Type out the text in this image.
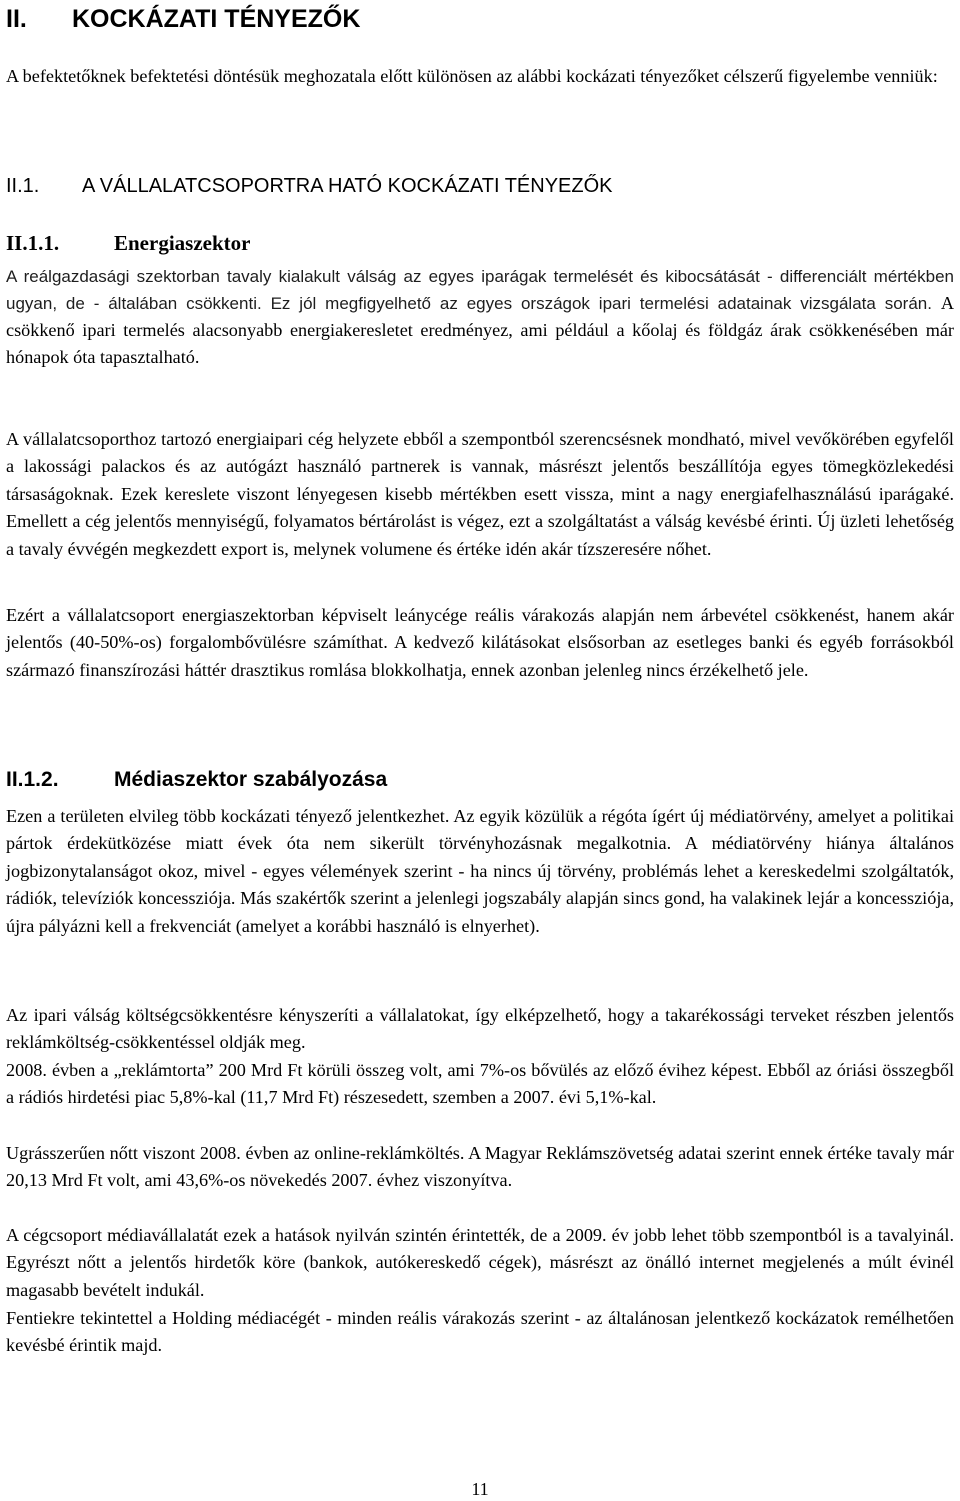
II. KOCKÁZATI TÉNYEZŐK

A befektetőknek befektetési döntésük meghozatala előtt különösen az alábbi kockázati tényezőket célszerű figyelembe venniük:

II.1. A VÁLLALATCSOPORTRA HATÓ KOCKÁZATI TÉNYEZŐK
II.1.1.	Energiaszektor

A reálgazdasági szektorban tavaly kialakult válság az egyes iparágak termelését és kibocsátását - differenciált mértékben ugyan, de - általában csökkenti. Ez jól megfigyelhető az egyes országok ipari termelési adatainak vizsgálata során. A csökkenő ipari termelés alacsonyabb energiakeresletet eredményez, ami például a kőolaj és földgáz árak csökkenésében már hónapok óta tapasztalható.

A vállalatcsoporthoz tartozó energiaipari cég helyzete ebből a szempontból szerencsésnek mondható, mivel vevőkörében egyfelől a lakossági palackos és az autógázt használó partnerek is vannak, másrészt jelentős beszállítója egyes tömegközlekedési társaságoknak. Ezek kereslete viszont lényegesen kisebb mértékben esett vissza, mint a nagy energiafelhasználású iparágaké. Emellett a cég jelentős mennyiségű, folyamatos bértárolást is végez, ezt a szolgáltatást a válság kevésbé érinti. Új üzleti lehetőség a tavaly évvégén megkezdett export is, melynek volumene és értéke idén akár tízszeresére nőhet.

Ezért a vállalatcsoport energiaszektorban képviselt leánycége reális várakozás alapján nem árbevétel csökkenést, hanem akár jelentős (40-50%-os) forgalombővülésre számíthat. A kedvező kilátásokat elsősorban az esetleges banki és egyéb forrásokból származó finanszírozási háttér drasztikus romlása blokkolhatja, ennek azonban jelenleg nincs érzékelhető jele.

II.1.2.	Médiaszektor szabályozása

Ezen a területen elvileg több kockázati tényező jelentkezhet. Az egyik közülük a régóta ígért új médiatörvény, amelyet a politikai pártok érdekütközése miatt évek óta nem sikerült törvényhozásnak megalkotnia. A médiatörvény hiánya általános jogbizonytalanságot okoz, mivel - egyes vélemények szerint - ha nincs új törvény, problémás lehet a kereskedelmi szolgáltatók, rádiók, televíziók koncessziója. Más szakértők szerint a jelenlegi jogszabály alapján sincs gond, ha valakinek lejár a koncessziója, újra pályázni kell a frekvenciát (amelyet a korábbi használó is elnyerhet).

Az ipari válság költségcsökkentésre kényszeríti a vállalatokat, így elképzelhető, hogy a takarékossági terveket részben jelentős reklámköltség-csökkentéssel oldják meg.

2008. évben a „reklámtorta” 200 Mrd Ft körüli összeg volt, ami 7%-os bővülés az előző évihez képest. Ebből az óriási összegből a rádiós hirdetési piac 5,8%-kal (11,7 Mrd Ft) részesedett, szemben a 2007. évi 5,1%-kal.

Ugrásszerűen nőtt viszont 2008. évben az online-reklámköltés. A Magyar Reklámszövetség adatai szerint ennek értéke tavaly már 20,13 Mrd Ft volt, ami 43,6%-os növekedés 2007. évhez viszonyítva.

A cégcsoport médiavállalatát ezek a hatások nyilván szintén érintették, de a 2009. év jobb lehet több szempontból is a tavalyinál. Egyrészt nőtt a jelentős hirdetők köre (bankok, autókereskedő cégek), másrészt az önálló internet megjelenés a múlt évinél magasabb bevételt indukál.

Fentiekre tekintettel a Holding médiacégét - minden reális várakozás szerint - az általánosan jelentkező kockázatok remélhetően kevésbé érintik majd.

11
